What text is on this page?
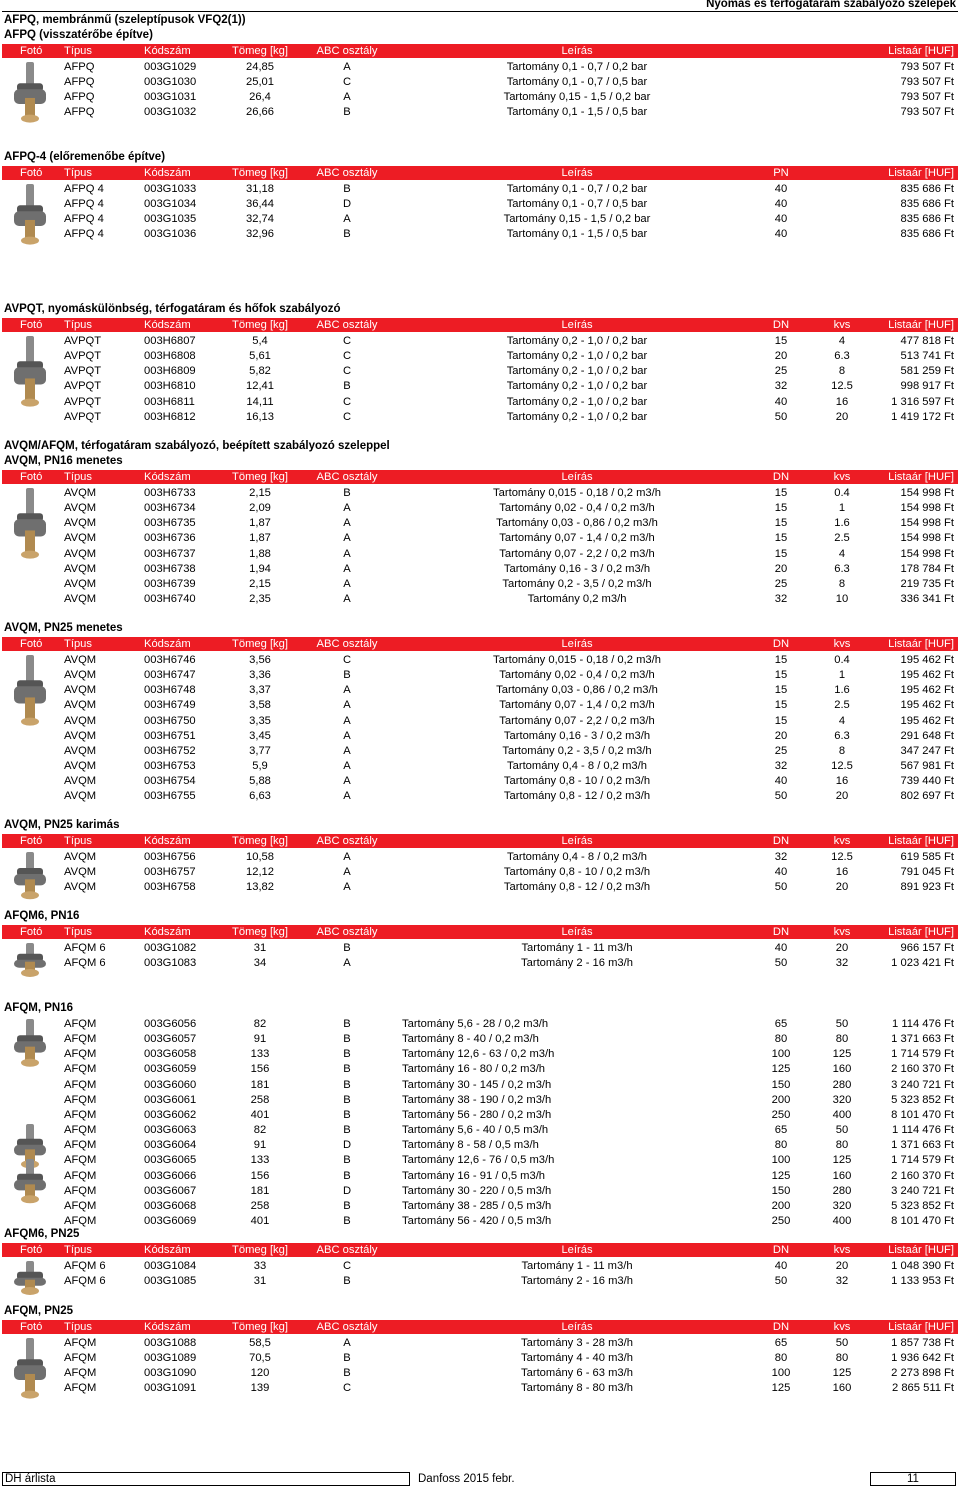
Nyomás és térfogatáram szabályozó szelepek
AFPQ, membránmű (szeleptípusok VFQ2(1))
AFPQ (visszatérőbe építve)
Fotó Típus	Kódszám	Tömeg [kg]	ABC osztály	Leírás	Listaár [HUF]
AFPQ	003G1029	24,85	A	Tartomány 0,1 - 0,7 / 0,2 bar	793 507 Ft
AFPQ	003G1030	25,01	C	Tartomány 0,1 - 0,7 / 0,5 bar	793 507 Ft
AFPQ	003G1031	26,4	A	Tartomány 0,15 - 1,5 / 0,2 bar	793 507 Ft
AFPQ	003G1032	26,66	B	Tartomány 0,1 - 1,5 / 0,5 bar	793 507 Ft
AFPQ-4 (előremenőbe építve)
Fotó Típus	Kódszám	Tömeg [kg]	ABC osztály	Leírás	PN	Listaár [HUF]
AFPQ 4	003G1033	31,18	B	Tartomány 0,1 - 0,7 / 0,2 bar	40	835 686 Ft
AFPQ 4	003G1034	36,44	D	Tartomány 0,1 - 0,7 / 0,5 bar	40	835 686 Ft
AFPQ 4	003G1035	32,74	A	Tartomány 0,15 - 1,5 / 0,2 bar	40	835 686 Ft
AFPQ 4	003G1036	32,96	B	Tartomány 0,1 - 1,5 / 0,5 bar	40	835 686 Ft
AVPQT, nyomáskülönbség, térfogatáram és hőfok szabályozó
Fotó Típus	Kódszám	Tömeg [kg]	ABC osztály	Leírás	DN	kvs	Listaár [HUF]
AVPQT	003H6807	5,4	C	Tartomány 0,2 - 1,0 / 0,2 bar	15	4	477 818 Ft
AVPQT	003H6808	5,61	C	Tartomány 0,2 - 1,0 / 0,2 bar	20	6.3	513 741 Ft
AVPQT	003H6809	5,82	C	Tartomány 0,2 - 1,0 / 0,2 bar	25	8	581 259 Ft
AVPQT	003H6810	12,41	B	Tartomány 0,2 - 1,0 / 0,2 bar	32	12.5	998 917 Ft
AVPQT	003H6811	14,11	C	Tartomány 0,2 - 1,0 / 0,2 bar	40	16	1 316 597 Ft
AVPQT	003H6812	16,13	C	Tartomány 0,2 - 1,0 / 0,2 bar	50	20	1 419 172 Ft
AVQM/AFQM, térfogatáram szabályozó, beépített szabályozó szeleppel
AVQM, PN16 menetes
Fotó Típus	Kódszám	Tömeg [kg]	ABC osztály	Leírás	DN	kvs	Listaár [HUF]
AVQM	003H6733	2,15	B	Tartomány 0,015 - 0,18 / 0,2 m3/h	15	0.4	154 998 Ft
AVQM	003H6734	2,09	A	Tartomány 0,02 - 0,4 / 0,2 m3/h	15	1	154 998 Ft
AVQM	003H6735	1,87	A	Tartomány 0,03 - 0,86 / 0,2 m3/h	15	1.6	154 998 Ft
AVQM	003H6736	1,87	A	Tartomány 0,07 - 1,4 / 0,2 m3/h	15	2.5	154 998 Ft
AVQM	003H6737	1,88	A	Tartomány 0,07 - 2,2 / 0,2 m3/h	15	4	154 998 Ft
AVQM	003H6738	1,94	A	Tartomány 0,16 - 3 / 0,2 m3/h	20	6.3	178 784 Ft
AVQM	003H6739	2,15	A	Tartomány 0,2 - 3,5 / 0,2 m3/h	25	8	219 735 Ft
AVQM	003H6740	2,35	A	Tartomány 0,2 m3/h	32	10	336 341 Ft
AVQM, PN25 menetes
Fotó Típus	Kódszám	Tömeg [kg]	ABC osztály	Leírás	DN	kvs	Listaár [HUF]
AVQM	003H6746	3,56	C	Tartomány 0,015 - 0,18 / 0,2 m3/h	15	0.4	195 462 Ft
AVQM	003H6747	3,36	B	Tartomány 0,02 - 0,4 / 0,2 m3/h	15	1	195 462 Ft
AVQM	003H6748	3,37	A	Tartomány 0,03 - 0,86 / 0,2 m3/h	15	1.6	195 462 Ft
AVQM	003H6749	3,58	A	Tartomány 0,07 - 1,4 / 0,2 m3/h	15	2.5	195 462 Ft
AVQM	003H6750	3,35	A	Tartomány 0,07 - 2,2 / 0,2 m3/h	15	4	195 462 Ft
AVQM	003H6751	3,45	A	Tartomány 0,16 - 3 / 0,2 m3/h	20	6.3	291 648 Ft
AVQM	003H6752	3,77	A	Tartomány 0,2 - 3,5 / 0,2 m3/h	25	8	347 247 Ft
AVQM	003H6753	5,9	A	Tartomány 0,4 - 8 / 0,2 m3/h	32	12.5	567 981 Ft
AVQM	003H6754	5,88	A	Tartomány 0,8 - 10 / 0,2 m3/h	40	16	739 440 Ft
AVQM	003H6755	6,63	A	Tartomány 0,8 - 12 / 0,2 m3/h	50	20	802 697 Ft
AVQM, PN25 karimás
Fotó Típus	Kódszám	Tömeg [kg]	ABC osztály	Leírás	DN	kvs	Listaár [HUF]
AVQM	003H6756	10,58	A	Tartomány 0,4 - 8 / 0,2 m3/h	32	12.5	619 585 Ft
AVQM	003H6757	12,12	A	Tartomány 0,8 - 10 / 0,2 m3/h	40	16	791 045 Ft
AVQM	003H6758	13,82	A	Tartomány 0,8 - 12 / 0,2 m3/h	50	20	891 923 Ft
AFQM6, PN16
Fotó Típus	Kódszám	Tömeg [kg]	ABC osztály	Leírás	DN	kvs	Listaár [HUF]
AFQM 6	003G1082	31	B	Tartomány 1 - 11 m3/h	40	20	966 157 Ft
AFQM 6	003G1083	34	A	Tartomány 2 - 16 m3/h	50	32	1 023 421 Ft
AFQM, PN16
AFQM	003G6056	82	B	Tartomány 5,6 - 28 / 0,2 m3/h	65	50	1 114 476 Ft
AFQM	003G6057	91	B	Tartomány 8 - 40 / 0,2 m3/h	80	80	1 371 663 Ft
AFQM	003G6058	133	B	Tartomány 12,6 - 63 / 0,2 m3/h	100	125	1 714 579 Ft
AFQM	003G6059	156	B	Tartomány 16 - 80 / 0,2 m3/h	125	160	2 160 370 Ft
AFQM	003G6060	181	B	Tartomány 30 - 145 / 0,2 m3/h	150	280	3 240 721 Ft
AFQM	003G6061	258	B	Tartomány 38 - 190 / 0,2 m3/h	200	320	5 323 852 Ft
AFQM	003G6062	401	B	Tartomány 56 - 280 / 0,2 m3/h	250	400	8 101 470 Ft
AFQM	003G6063	82	B	Tartomány 5,6 - 40 / 0,5 m3/h	65	50	1 114 476 Ft
AFQM	003G6064	91	D	Tartomány 8 - 58 / 0,5 m3/h	80	80	1 371 663 Ft
AFQM	003G6065	133	B	Tartomány 12,6 - 76 / 0,5 m3/h	100	125	1 714 579 Ft
AFQM	003G6066	156	B	Tartomány 16 - 91 / 0,5 m3/h	125	160	2 160 370 Ft
AFQM	003G6067	181	D	Tartomány 30 - 220 / 0,5 m3/h	150	280	3 240 721 Ft
AFQM	003G6068	258	B	Tartomány 38 - 285 / 0,5 m3/h	200	320	5 323 852 Ft
AFQM	003G6069	401	B	Tartomány 56 - 420 / 0,5 m3/h	250	400	8 101 470 Ft
AFQM6, PN25
Fotó Típus	Kódszám	Tömeg [kg]	ABC osztály	Leírás	DN	kvs	Listaár [HUF]
AFQM 6	003G1084	33	C	Tartomány 1 - 11 m3/h	40	20	1 048 390 Ft
AFQM 6	003G1085	31	B	Tartomány 2 - 16 m3/h	50	32	1 133 953 Ft
AFQM, PN25
Fotó Típus	Kódszám	Tömeg [kg]	ABC osztály	Leírás	DN	kvs	Listaár [HUF]
AFQM	003G1088	58,5	A	Tartomány 3 - 28 m3/h	65	50	1 857 738 Ft
AFQM	003G1089	70,5	B	Tartomány 4 - 40 m3/h	80	80	1 936 642 Ft
AFQM	003G1090	120	B	Tartomány 6 - 63 m3/h	100	125	2 273 898 Ft
AFQM	003G1091	139	C	Tartomány 8 - 80 m3/h	125	160	2 865 511 Ft
DH árlista	Danfoss 2015 febr.	11
